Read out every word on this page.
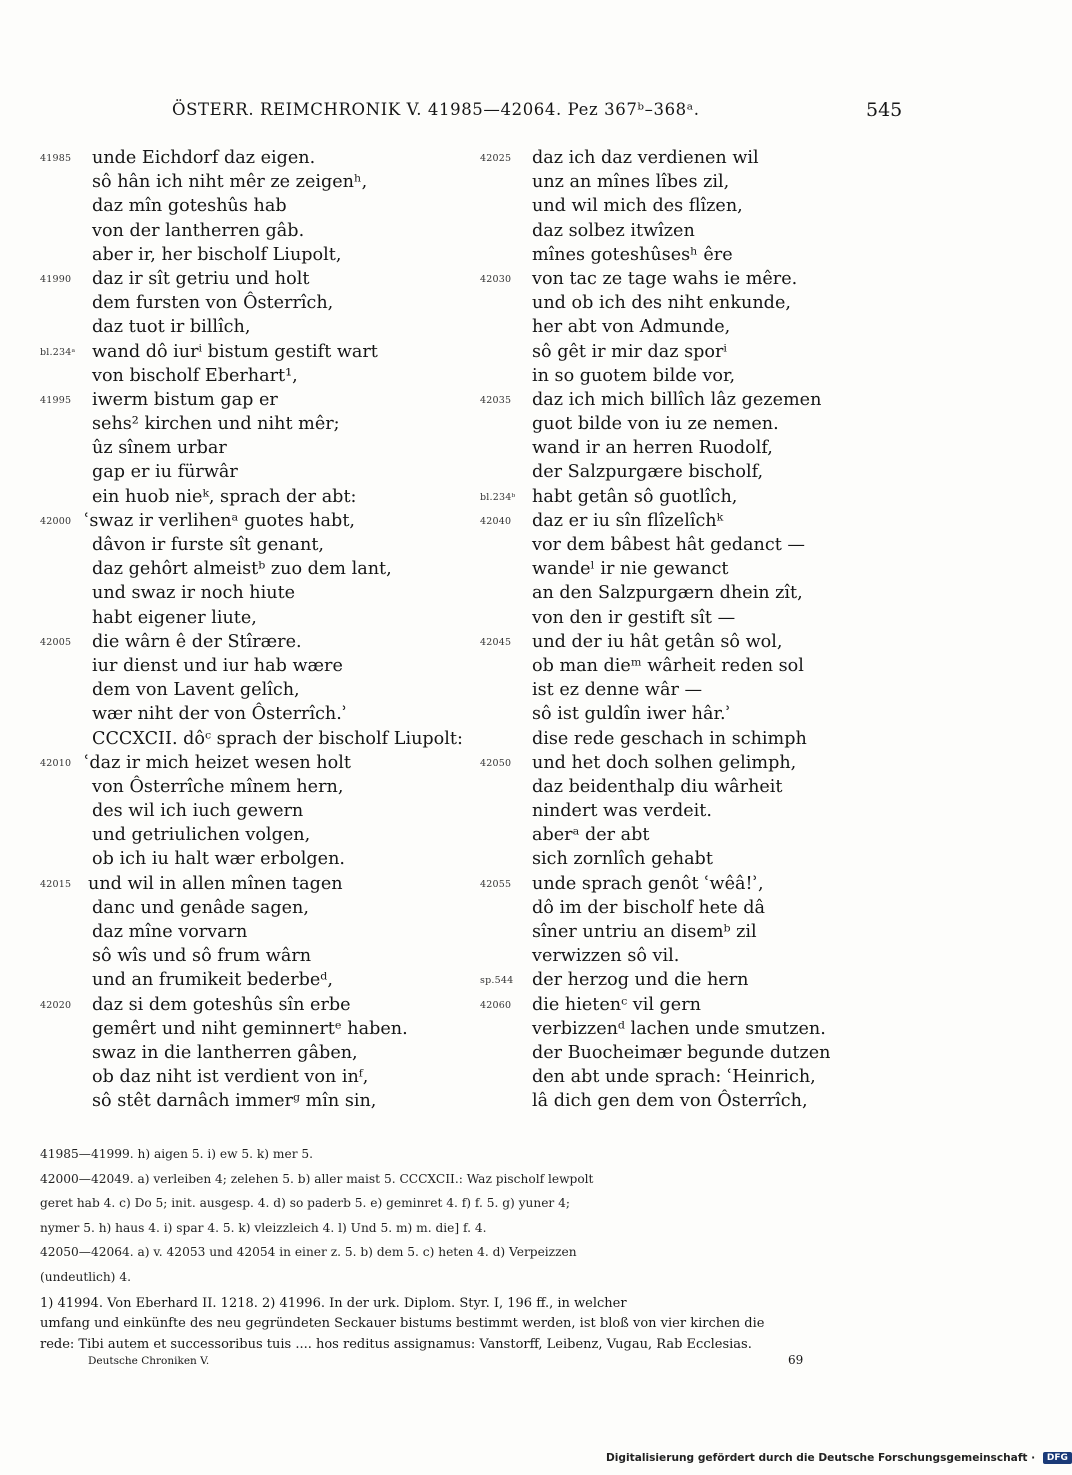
ÖSTERR. REIMCHRONIK V. 41985—42064. Pez 367ᵇ–368ᵃ.	545
41985	unde Eichdorf daz eigen.
sô hân ich niht mêr ze zeigenʰ,
daz mîn goteshûs hab
von der lantherren gâb.
aber ir, her bischolf Liupolt,
41990	daz ir sît getriu und holt
dem fursten von Ôsterrîch,
daz tuot ir billîch,
bl.234ᵃ wand dô iurⁱ bistum gestift wart
von bischolf Eberhart¹,
41995	iwerm bistum gap er
sehs² kirchen und niht mêr;
ûz sînem urbar
gap er iu fürwâr
ein huob nieᵏ, sprach der abt:
42000 ʿswaz ir verlihenᵃ guotes habt,
dâvon ir furste sît genant,
daz gehôrt almeistᵇ zuo dem lant,
und swaz ir noch hiute
habt eigener liute,
42005	die wârn ê der Stîrære.
iur dienst und iur hab wære
dem von Lavent gelîch,
wær niht der von Ôsterrîch.ʾ
CCCXCII. dôᶜ sprach der bischolf Liupolt:
42010 ʿdaz ir mich heizet wesen holt
von Ôsterrîche mînem hern,
des wil ich iuch gewern
und getriulichen volgen,
ob ich iu halt wær erbolgen.
42015 und wil in allen mînen tagen
danc und genâde sagen,
daz mîne vorvarn
sô wîs und sô frum wârn
und an frumikeit bederbeᵈ,
42020	daz si dem goteshûs sîn erbe
gemêrt und niht geminnertᵉ haben.
swaz in die lantherren gâben,
ob daz niht ist verdient von inᶠ,
sô stêt darnâch immerᵍ mîn sin,
42025	daz ich daz verdienen wil
unz an mînes lîbes zil,
und wil mich des flîzen,
daz solbez itwîzen
mînes goteshûsesʰ êre
42030	von tac ze tage wahs ie mêre.
und ob ich des niht enkunde,
her abt von Admunde,
sô gêt ir mir daz sporⁱ
in so guotem bilde vor,
42035	daz ich mich billîch lâz gezemen
guot bilde von iu ze nemen.
wand ir an herren Ruodolf,
der Salzpurgære bischolf,
bl.234ᵇ habt getân sô guotlîch,
42040	daz er iu sîn flîzelîchᵏ
vor dem bâbest hât gedanct —
wandeˡ ir nie gewanct
an den Salzpurgærn dhein zît,
von den ir gestift sît —
42045	und der iu hât getân sô wol,
ob man dieᵐ wârheit reden sol
ist ez denne wâr —
sô ist guldîn iwer hâr.ʾ
dise rede geschach in schimph
42050	und het doch solhen gelimph,
daz beidenthalp diu wârheit
nindert was verdeit.
aberᵃ der abt
sich zornlîch gehabt
42055	unde sprach genôt ʿwêâ!ʾ,
dô im der bischolf hete dâ
sîner untriu an disemᵇ zil
verwizzen sô vil.
sp.544	der herzog und die hern
42060	die hietenᶜ vil gern
verbizzenᵈ lachen unde smutzen.
der Buocheimær begunde dutzen
den abt unde sprach: ʿHeinrich,
lâ dich gen dem von Ôsterrîch,
41985—41999. h) aigen 5. i) ew 5. k) mer 5.
42000—42049. a) verleiben 4; zelehen 5. b) aller maist 5. CCCXCII.: Waz pischolf lewpolt
geret hab 4. c) Do 5; init. ausgesp. 4. d) so paderb 5. e) geminret 4. f) f. 5. g) yuner 4;
nymer 5. h) haus 4. i) spar 4. 5. k) vleizzleich 4. l) Und 5. m) m. die] f. 4.
42050—42064. a) v. 42053 und 42054 in einer z. 5. b) dem 5. c) heten 4. d) Verpeizzen
(undeutlich) 4.
1) 41994. Von Eberhard II. 1218. 2) 41996. In der urk. Diplom. Styr. I, 196 ff., in welcher
umfang und einkünfte des neu gegründeten Seckauer bistums bestimmt werden, ist bloß von vier kirchen die
rede: Tibi autem et successoribus tuis .... hos reditus assignamus: Vanstorff, Leibenz, Vugau, Rab Ecclesias.
Deutsche Chroniken V.	69
Digitalisierung gefördert durch die Deutsche Forschungsgemeinschaft · DFG
